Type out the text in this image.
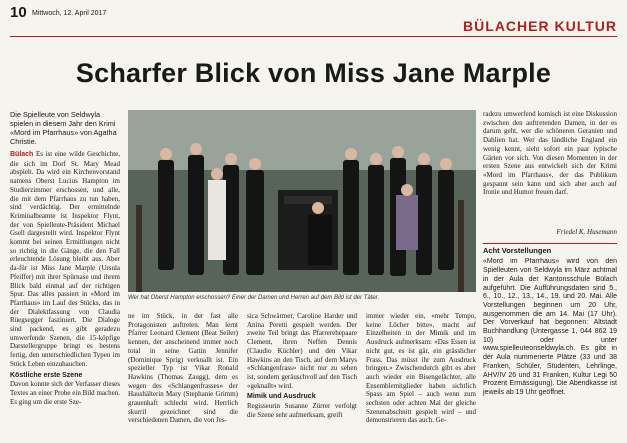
10 Mittwoch, 12. April 2017
BÜLACHER KULTUR
Scharfer Blick von Miss Jane Marple
Die Spielleute von Seldwyla spielen in diesem Jahr den Krimi «Mord im Pfarrhaus» von Agatha Christie.

Bülach Es ist eine wilde Geschichte, die sich im Dorf St. Mary Mead abspielt. Da wird ein Kirchenvorstand namens Oberst Lucius Hampton im Studierzimmer erschossen, und alle, die mit dem Pfarrhaus zu tun haben, sind verdächtig. Der ermittelnde Kriminalbeamte ist Inspektor Flynt, der von Spielleute-Präsident Michael Gsell dargestellt wird. Inspektor Flynt kommt bei seinen Ermittlungen nicht so richtig in die Gänge, die den Fall erleuchtende Lösung bleibt aus. Aber da-für ist Miss Jane Marple (Ursula Pfeiffer) mit ihrer Spürnase und ihrem Blick bald einmal auf der richtigen Spur. Das alles passiert in «Mord im Pfarrhaus» im Lauf des Stücks, das in der Dialektfassung von Claudia Rüegsegger fasziniert. Die Dialoge sind packend, es gibt geradezu umwerfende Szenen, die 15-köpfige Darstellergruppe bringt es bestens fertig, den unterschiedlichen Typen im Stück Leben einzuhauchen.

Köstliche erste Szene

Davon konnte sich der Verfasser dieses Textes an einer Probe ein Bild machen. Es ging um die erste Sze-

Wer hat Oberst Hampton erschossen? Einer der Damen und Herren auf dem Bild ist der Täter.

ne im Stück, in der fast alle Protagonisten auftreten. Man lernt Pfarrer Leonard Clement (Beat Seiler) kennen, der anscheinend immer noch total in seine Gattin Jennifer (Dominique Sprig) verknallt ist. Ein spezieller Typ ist Vikar Ronald Hawkins (Thomas Zaugg), dem es wegen des «Schlangenfrasses» der Haushälterin Mary (Stephanie Grimm) grauenhaft schlecht wird. Herrlich skurril gezeichnet sind die verschiedenen Damen, die von Jes-

sica Schwärmer, Caroline Harder und Anina Peretti gespielt werden. Der zweite Teil bringt das Pfarrerehepaare Clement, ihren Neffen Dennis (Claudio Küchler) und den Vikar Hawkins an den Tisch, auf dem Marys «Schlangenfrass» nicht nur zu sehen ist, sondern geräuschvoll auf den Tisch «geknallt» wird.

Mimik und Ausdruck

Regisseurin Susanne Zürrer verfolgt die Szene sehr aufmerksam, greift

immer wieder ein, «mehr Tempo, keine Löcher bitte», macht auf Einzelheiten in der Mimik und im Ausdruck aufmerksam: «Das Essen ist nicht gut, es ist gär, ein grässlicher Frass. Das müsst ihr zum Ausdruck bringen.» Zwischendurch gibt es aber auch wieder ein Bisengelächter, alle Ensemblemitglieder haben sichtlich Spass am Spiel – auch wenn zum sechsten oder achten Mal der gleiche Szenenabschnitt gespielt wird – und demonstrieren das auch. Ge-

radezu umwerfend komisch ist eine Diskussion zwischen den auftretenden Damen, in der es darum geht, wer die schöneren Geranien und Dahlien hat. Wer das ländliche England ein wenig kennt, sieht sofort ein paar typische Gärten vor sich. Von diesen Momenten in der ersten Szene aus entwickelt sich der Krimi «Mord im Pfarrhaus», der das Publikum gespannt sein kann und sich aber auch auf Ironie und Humor freuen darf.
Friedel K. Husemann
Acht Vorstellungen
«Mord im Pfarrhaus» wird von den Spielleuten von Seldwyla im März achtmal in der Aula der Kantonsschule Bülach aufgeführt. Die Aufführungsdaten sind 5., 6., 10., 12., 13., 14., 19. und 20. Mai. Alle Vorstellungen beginnen um 20 Uhr, ausgenommen die am 14. Mai (17 Uhr). Der Vorverkauf hat begonnen: Altstadt Buchhandlung (Untergasse 1, 044 862 19 10) oder unter www.spielleuteonseldwyla.ch. Es gibt in der Aula nummerierte Plätze (33 und 38 Franken, Schüler, Studenten, Lehrlinge, AHV/IV 26 und 31 Franken, Kultur Legi 50 Prozent Ermässigung). Die Abendkasse ist jeweils ab 19 Uhr geöffnet.
